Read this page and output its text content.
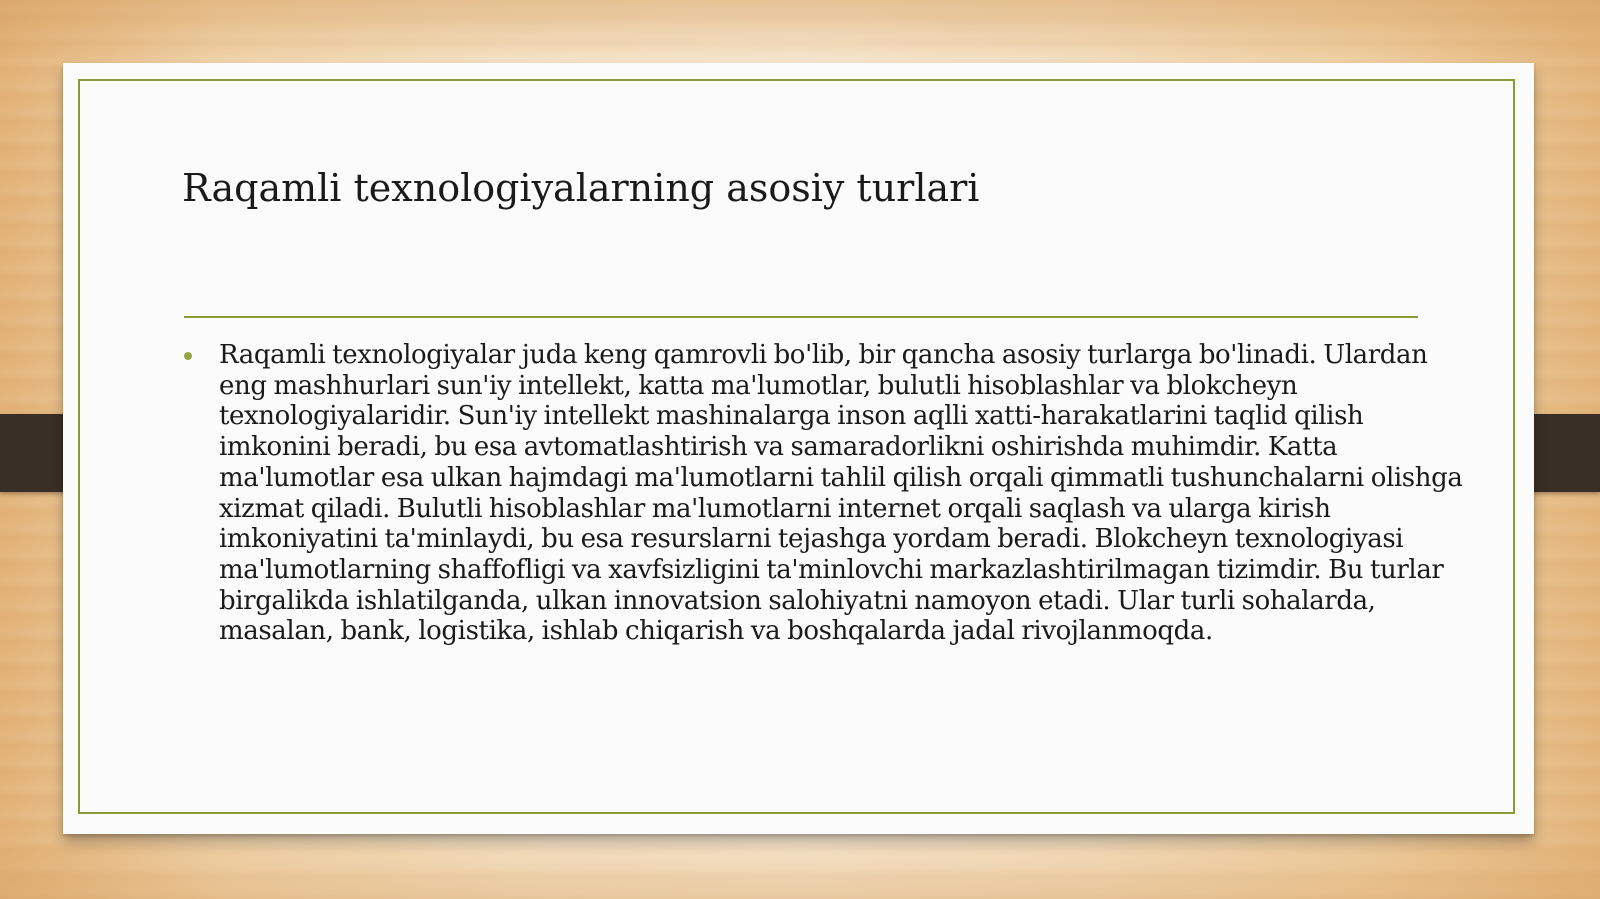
Raqamli texnologiyalarning asosiy turlari
Raqamli texnologiyalar juda keng qamrovli bo'lib, bir qancha asosiy turlarga bo'linadi. Ulardan eng mashhurlari sun'iy intellekt, katta ma'lumotlar, bulutli hisoblashlar va blokcheyn texnologiyalaridir. Sun'iy intellekt mashinalarga inson aqlli xatti-harakatlarini taqlid qilish imkonini beradi, bu esa avtomatlashtirish va samaradorlikni oshirishda muhimdir. Katta ma'lumotlar esa ulkan hajmdagi ma'lumotlarni tahlil qilish orqali qimmatli tushunchalarni olishga xizmat qiladi. Bulutli hisoblashlar ma'lumotlarni internet orqali saqlash va ularga kirish imkoniyatini ta'minlaydi, bu esa resurslarni tejashga yordam beradi. Blokcheyn texnologiyasi ma'lumotlarning shaffofligi va xavfsizligini ta'minlovchi markazlashtirilmagan tizimdir. Bu turlar birgalikda ishlatilganda, ulkan innovatsion salohiyatni namoyon etadi. Ular turli sohalarda, masalan, bank, logistika, ishlab chiqarish va boshqalarda jadal rivojlanmoqda.
